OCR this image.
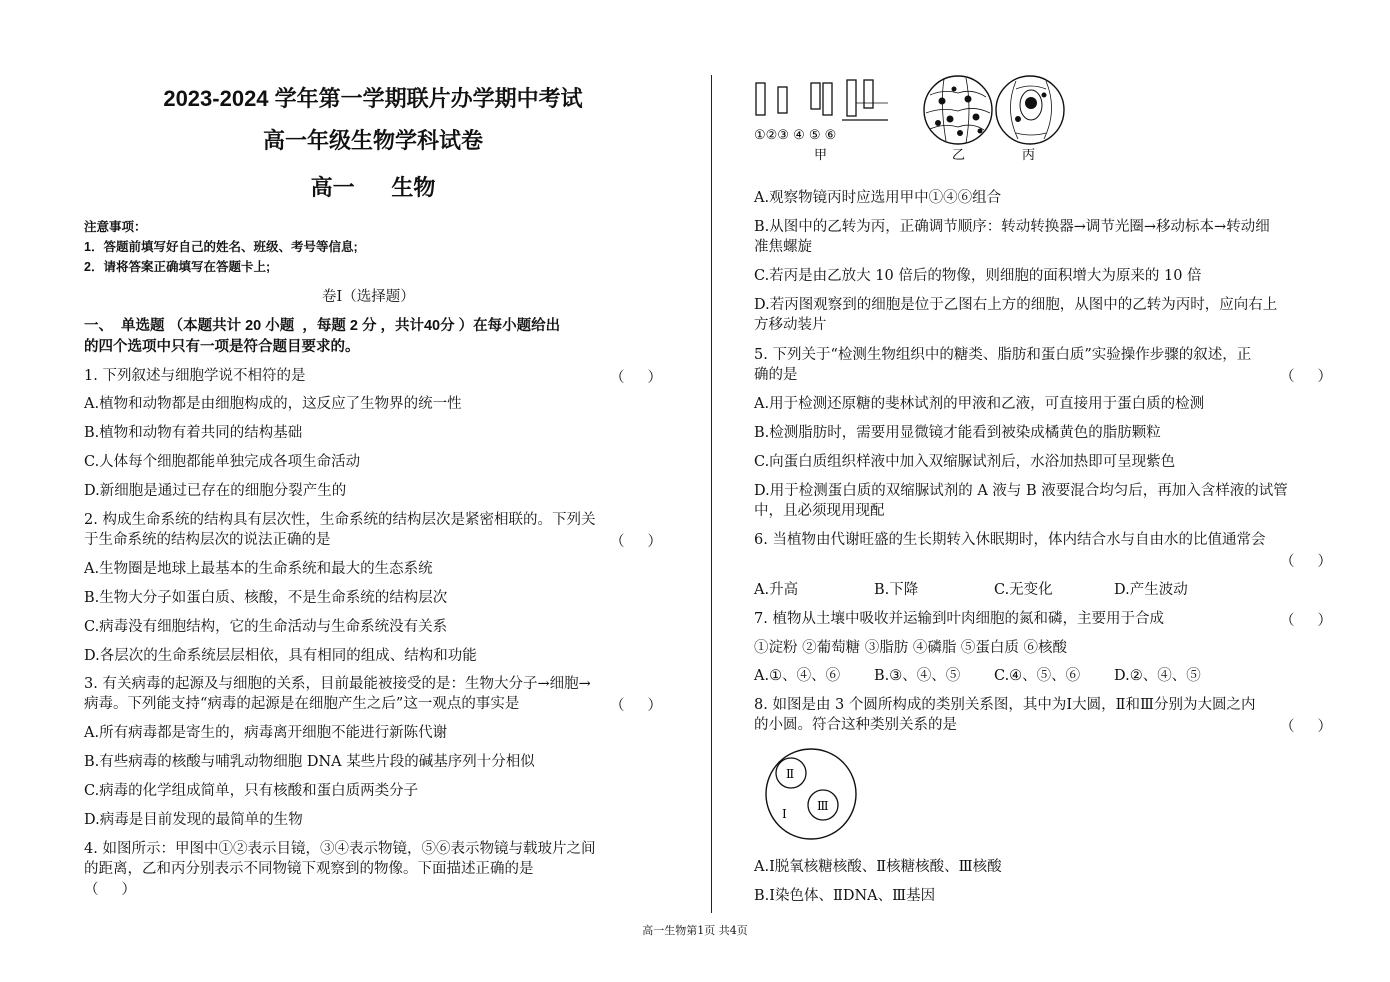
2023-2024 学年第一学期联片办学期中考试
高一年级生物学科试卷
高一      生物
注意事项：
1．答题前填写好自己的姓名、班级、考号等信息;
2．请将答案正确填写在答题卡上;
卷Ⅰ（选择题）
一、  单选题 （本题共计 20 小题  ，每题 2 分 ，共计40分 ）在每小题给出
的四个选项中只有一项是符合题目要求的。
1. 下列叙述与细胞学说不相符的是	（     ）
A.植物和动物都是由细胞构成的，这反应了生物界的统一性
B.植物和动物有着共同的结构基础
C.人体每个细胞都能单独完成各项生命活动
D.新细胞是通过已存在的细胞分裂产生的
2. 构成生命系统的结构具有层次性，生命系统的结构层次是紧密相联的。下列关
于生命系统的结构层次的说法正确的是	（     ）
A.生物圈是地球上最基本的生命系统和最大的生态系统
B.生物大分子如蛋白质、核酸，不是生命系统的结构层次
C.病毒没有细胞结构，它的生命活动与生命系统没有关系
D.各层次的生命系统层层相依，具有相同的组成、结构和功能
3. 有关病毒的起源及与细胞的关系，目前最能被接受的是：生物大分子→细胞→
病毒。下列能支持“病毒的起源是在细胞产生之后”这一观点的事实是	（     ）
A.所有病毒都是寄生的，病毒离开细胞不能进行新陈代谢
B.有些病毒的核酸与哺乳动物细胞 DNA 某些片段的碱基序列十分相似
C.病毒的化学组成简单，只有核酸和蛋白质两类分子
D.病毒是目前发现的最简单的生物
4. 如图所示：甲图中①②表示目镜，③④表示物镜，⑤⑥表示物镜与载玻片之间
的距离，乙和丙分别表示不同物镜下观察到的物像。下面描述正确的是
（     ）
①②③ ④ ⑤ ⑥
甲	乙	丙
A.观察物镜丙时应选用甲中①④⑥组合
B.从图中的乙转为丙，正确调节顺序：转动转换器→调节光圈→移动标本→转动细
准焦螺旋
C.若丙是由乙放大 10 倍后的物像，则细胞的面积增大为原来的 10 倍
D.若丙图观察到的细胞是位于乙图右上方的细胞，从图中的乙转为丙时，应向右上
方移动装片
5. 下列关于“检测生物组织中的糖类、脂肪和蛋白质”实验操作步骤的叙述，正
确的是	（     ）
A.用于检测还原糖的斐林试剂的甲液和乙液，可直接用于蛋白质的检测
B.检测脂肪时，需要用显微镜才能看到被染成橘黄色的脂肪颗粒
C.向蛋白质组织样液中加入双缩脲试剂后，水浴加热即可呈现紫色
D.用于检测蛋白质的双缩脲试剂的 A 液与 B 液要混合均匀后，再加入含样液的试管
中，且必须现用现配
6. 当植物由代谢旺盛的生长期转入休眠期时，体内结合水与自由水的比值通常会
（     ）
A.升高	B.下降	C.无变化	D.产生波动
7. 植物从土壤中吸收并运输到叶肉细胞的氮和磷，主要用于合成	（     ）
①淀粉 ②葡萄糖 ③脂肪 ④磷脂 ⑤蛋白质 ⑥核酸
A.①、④、⑥ B.③、④、⑤ C.④、⑤、⑥ D.②、④、⑤
8. 如图是由 3 个圆所构成的类别关系图，其中为Ⅰ大圆，Ⅱ和Ⅲ分别为大圆之内
的小圆。符合这种类别关系的是	（     ）
Ⅱ
Ⅲ
Ⅰ
A.Ⅰ脱氧核糖核酸、Ⅱ核糖核酸、Ⅲ核酸
B.Ⅰ染色体、ⅡDNA、Ⅲ基因
高一生物第1页 共4页
